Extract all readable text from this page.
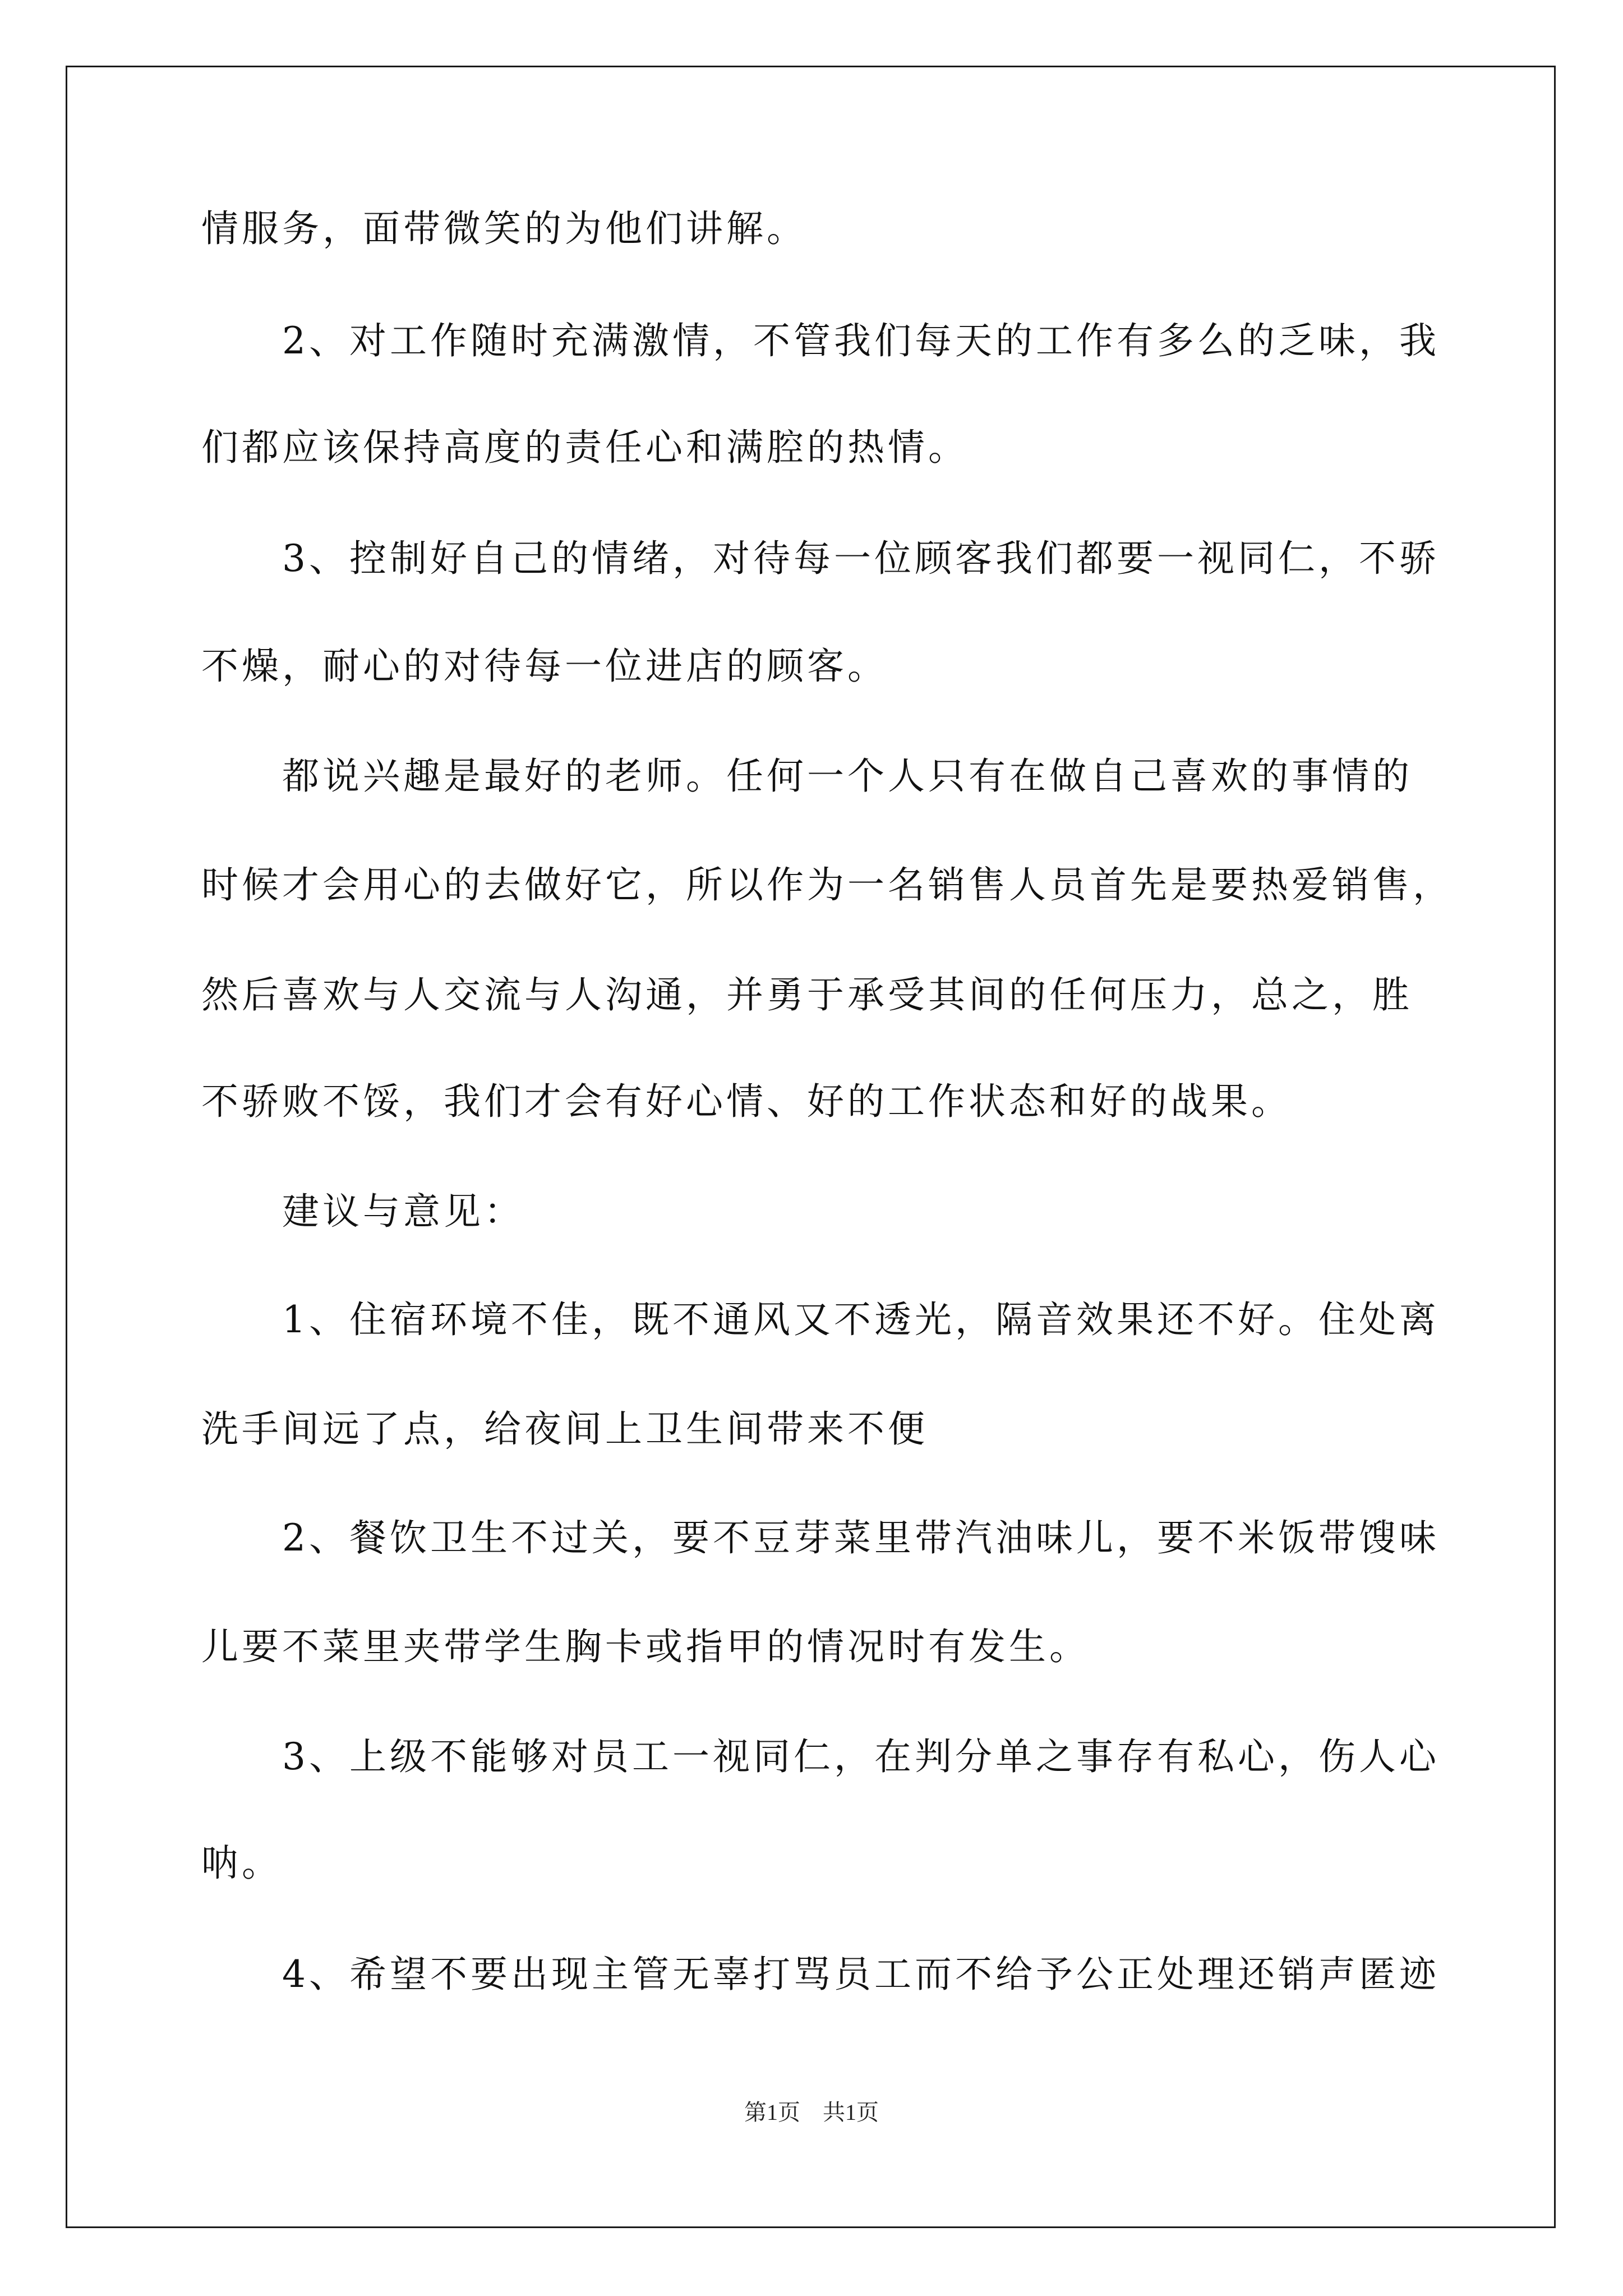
情服务，面带微笑的为他们讲解。
2、对工作随时充满激情，不管我们每天的工作有多么的乏味，我
们都应该保持高度的责任心和满腔的热情。
3、控制好自己的情绪，对待每一位顾客我们都要一视同仁，不骄
不燥，耐心的对待每一位进店的顾客。
都说兴趣是最好的老师。任何一个人只有在做自己喜欢的事情的
时候才会用心的去做好它，所以作为一名销售人员首先是要热爱销售，
然后喜欢与人交流与人沟通，并勇于承受其间的任何压力，总之，胜
不骄败不馁，我们才会有好心情、好的工作状态和好的战果。
建议与意见：
1、住宿环境不佳，既不通风又不透光，隔音效果还不好。住处离
洗手间远了点，给夜间上卫生间带来不便
2、餐饮卫生不过关，要不豆芽菜里带汽油味儿，要不米饭带馊味
儿要不菜里夹带学生胸卡或指甲的情况时有发生。
3、上级不能够对员工一视同仁，在判分单之事存有私心，伤人心
呐。
4、希望不要出现主管无辜打骂员工而不给予公正处理还销声匿迹
第1页 共1页
